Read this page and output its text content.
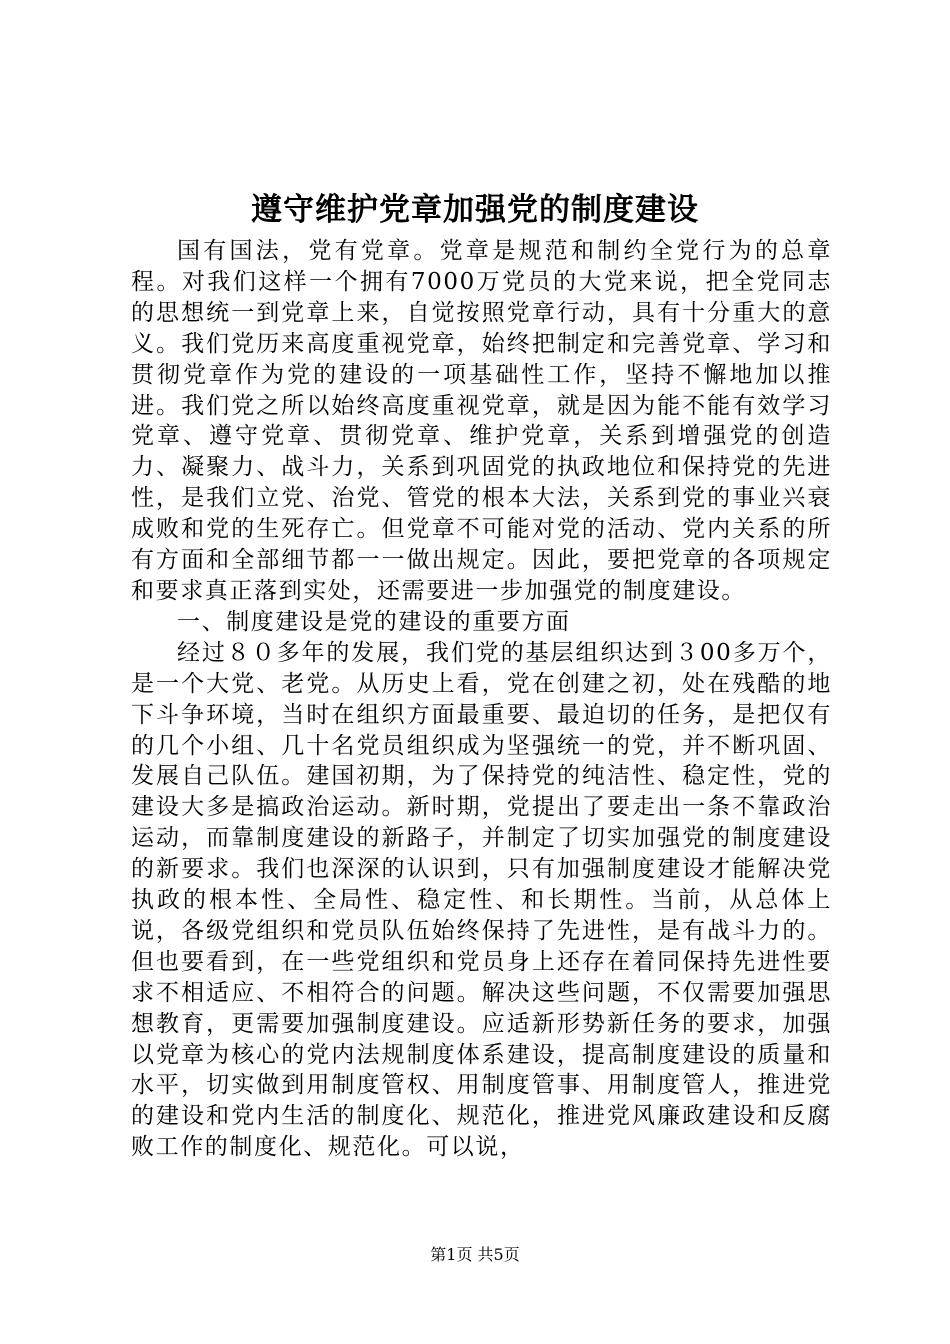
遵守维护党章加强党的制度建设

国有国法，党有党章。党章是规范和制约全党行为的总章程。对我们这样一个拥有7000万党员的大党来说，把全党同志的思想统一到党章上来，自觉按照党章行动，具有十分重大的意义。我们党历来高度重视党章，始终把制定和完善党章、学习和贯彻党章作为党的建设的一项基础性工作，坚持不懈地加以推进。我们党之所以始终高度重视党章，就是因为能不能有效学习党章、遵守党章、贯彻党章、维护党章，关系到增强党的创造力、凝聚力、战斗力，关系到巩固党的执政地位和保持党的先进性，是我们立党、治党、管党的根本大法，关系到党的事业兴衰成败和党的生死存亡。但党章不可能对党的活动、党内关系的所有方面和全部细节都一一做出规定。因此，要把党章的各项规定和要求真正落到实处，还需要进一步加强党的制度建设。

一、制度建设是党的建设的重要方面

经过８０多年的发展，我们党的基层组织达到３00多万个，是一个大党、老党。从历史上看，党在创建之初，处在残酷的地下斗争环境，当时在组织方面最重要、最迫切的任务，是把仅有的几个小组、几十名党员组织成为坚强统一的党，并不断巩固、发展自己队伍。建国初期，为了保持党的纯洁性、稳定性，党的建设大多是搞政治运动。新时期，党提出了要走出一条不靠政治运动，而靠制度建设的新路子，并制定了切实加强党的制度建设的新要求。我们也深深的认识到，只有加强制度建设才能解决党执政的根本性、全局性、稳定性、和长期性。当前，从总体上说，各级党组织和党员队伍始终保持了先进性，是有战斗力的。但也要看到，在一些党组织和党员身上还存在着同保持先进性要求不相适应、不相符合的问题。解决这些问题，不仅需要加强思想教育，更需要加强制度建设。应适新形势新任务的要求，加强以党章为核心的党内法规制度体系建设，提高制度建设的质量和水平，切实做到用制度管权、用制度管事、用制度管人，推进党的建设和党内生活的制度化、规范化，推进党风廉政建设和反腐败工作的制度化、规范化。可以说，

第1页 共5页
